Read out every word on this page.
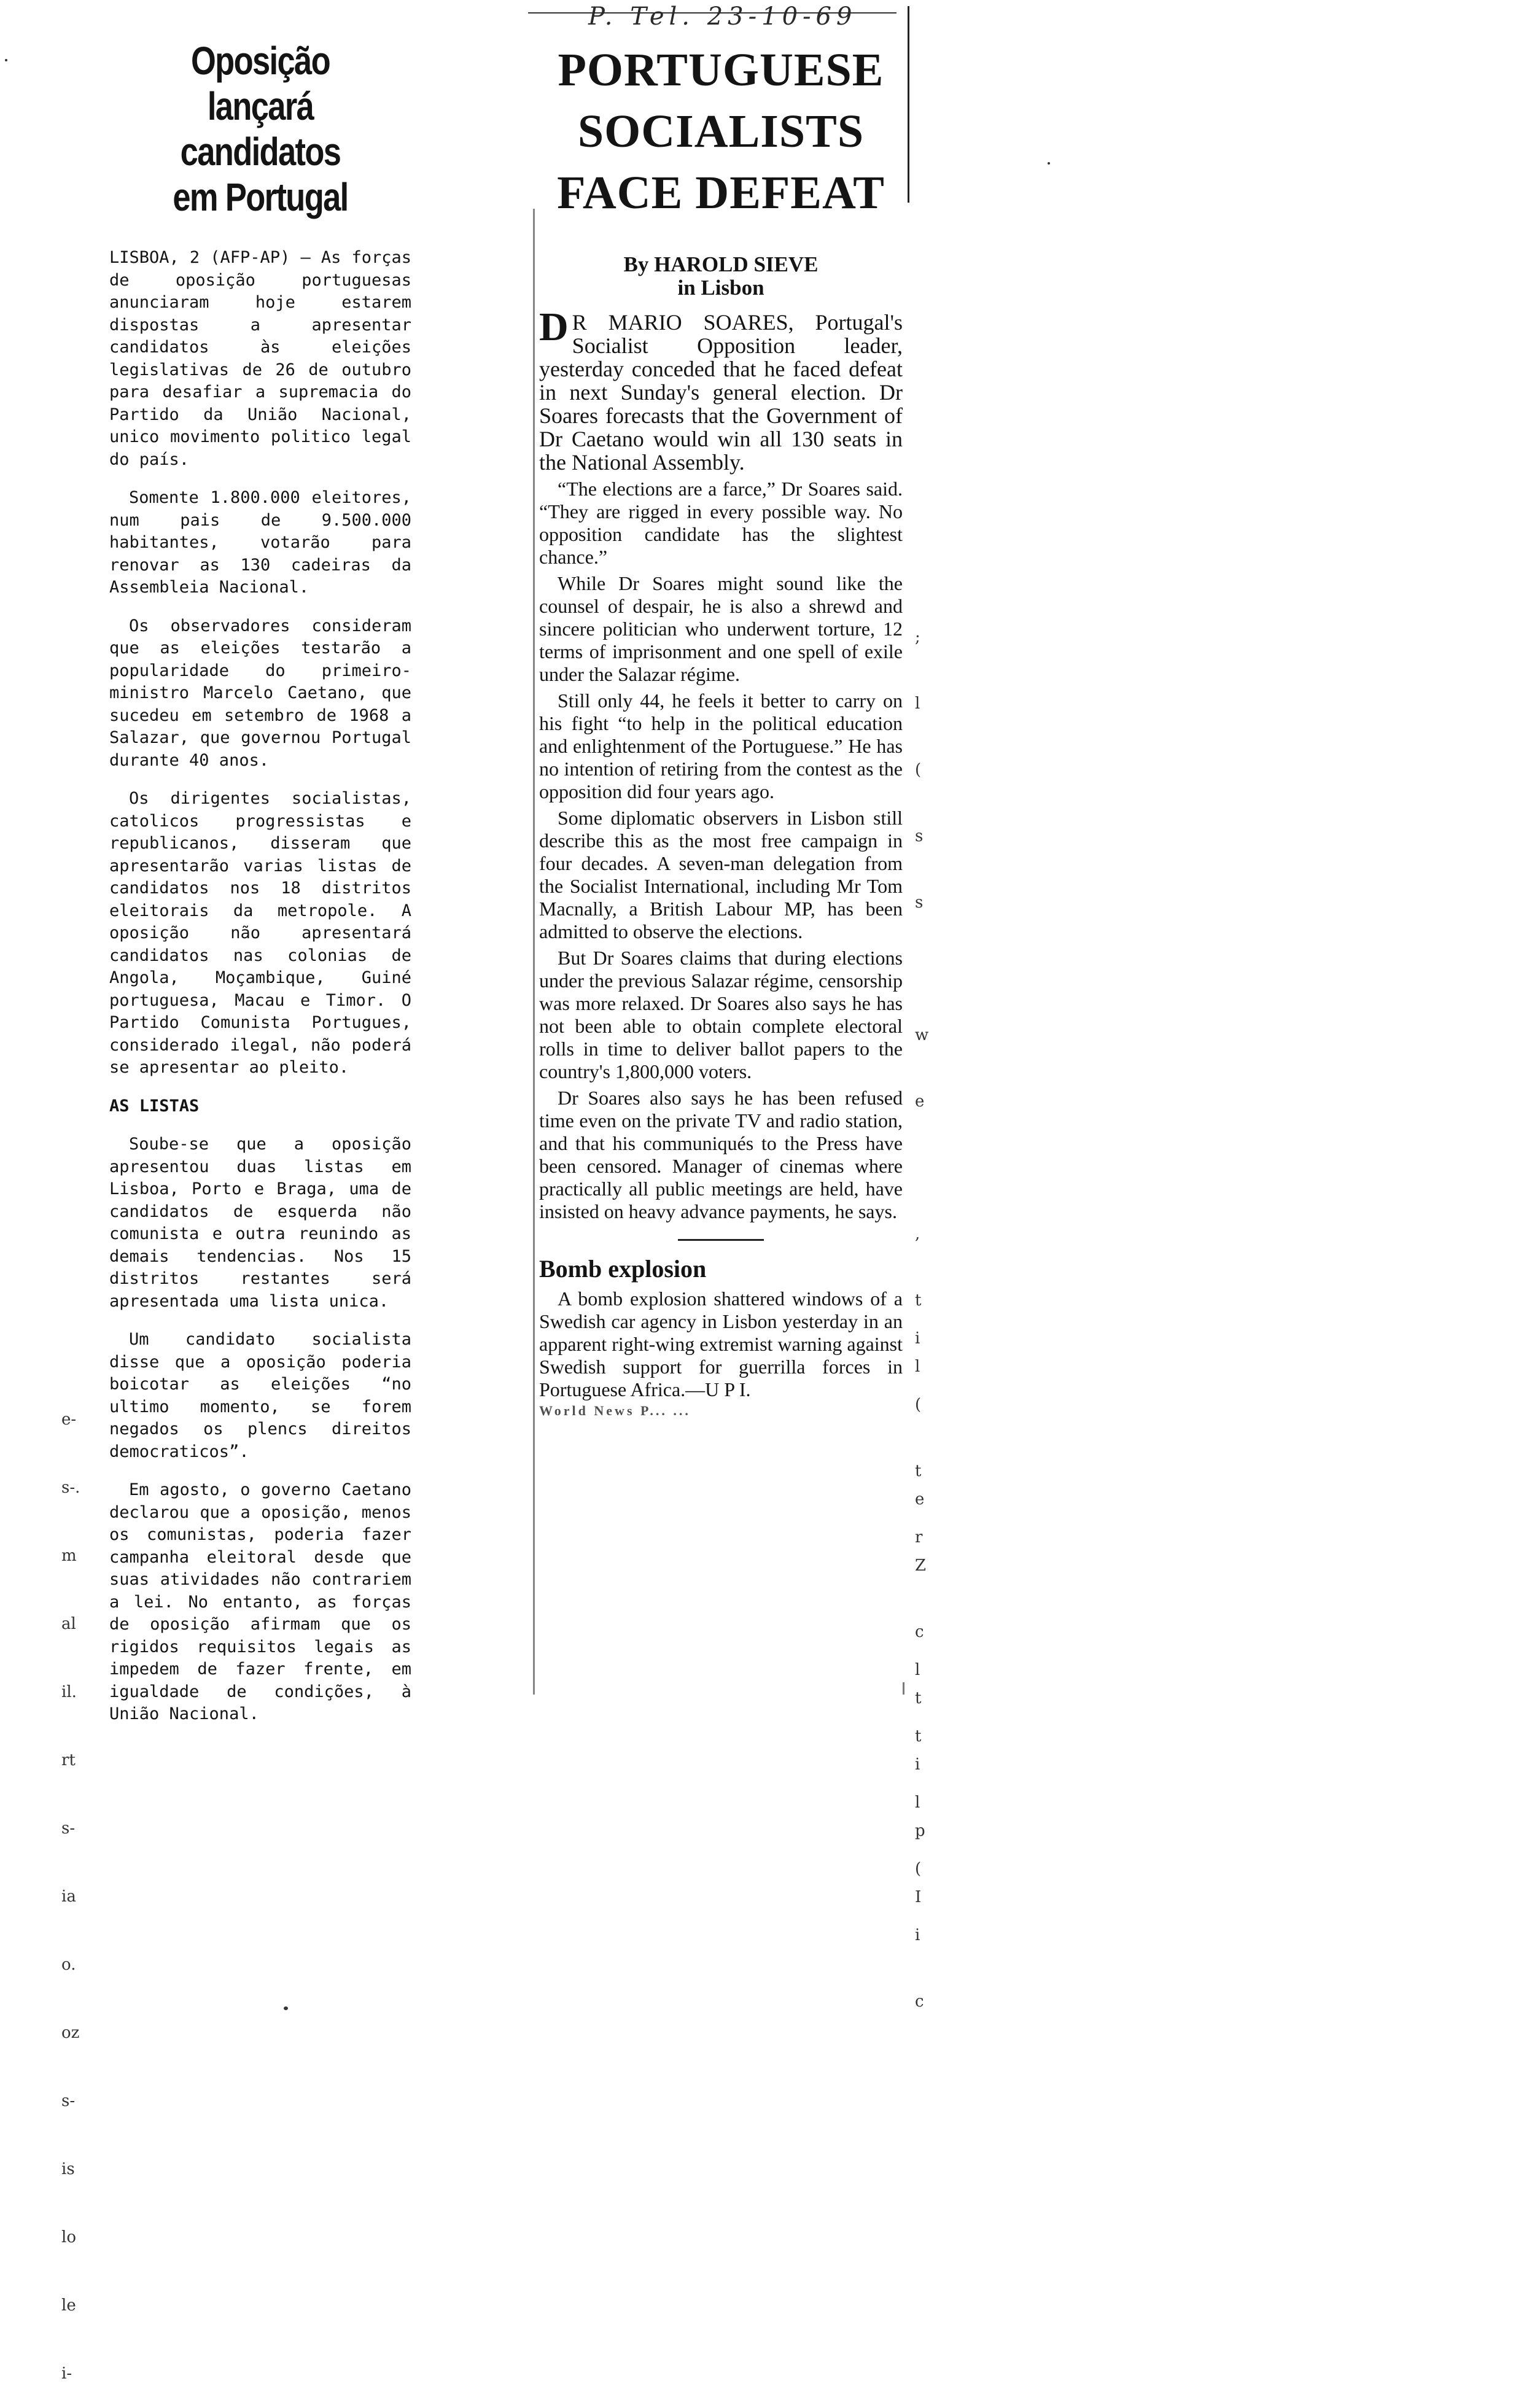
Oposição lançará
candidatos
em Portugal

LISBOA, 2 (AFP-AP) — As forças de oposição portuguesas anunciaram hoje estarem dispostas a apresentar candidatos às eleições legislativas de 26 de outubro para desafiar a supremacia do Partido da União Nacional, unico movimento politico legal do país.

Somente 1.800.000 eleitores, num pais de 9.500.000 habitantes, votarão para renovar as 130 cadeiras da Assembleia Nacional.

Os observadores consideram que as eleições testarão a popularidade do primeiro-ministro Marcelo Caetano, que sucedeu em setembro de 1968 a Salazar, que governou Portugal durante 40 anos.

Os dirigentes socialistas, catolicos progressistas e republicanos, disseram que apresentarão varias listas de candidatos nos 18 distritos eleitorais da metropole. A oposição não apresentará candidatos nas colonias de Angola, Moçambique, Guiné portuguesa, Macau e Timor. O Partido Comunista Portugues, considerado ilegal, não poderá se apresentar ao pleito.

AS LISTAS

Soube-se que a oposição apresentou duas listas em Lisboa, Porto e Braga, uma de candidatos de esquerda não comunista e outra reunindo as demais tendencias. Nos 15 distritos restantes será apresentada uma lista unica.

Um candidato socialista disse que a oposição poderia boicotar as eleições “no ultimo momento, se forem negados os plencs direitos democraticos”.

Em agosto, o governo Caetano declarou que a oposição, menos os comunistas, poderia fazer campanha eleitoral desde que suas atividades não contrariem a lei. No entanto, as forças de oposição afirmam que os rigidos requisitos legais as impedem de fazer frente, em igualdade de condições, à União Nacional.

e-

s-.

m

al

il.

rt

s-

ia

o.

oz

s-

is

lo

le

i-

P. Tel. 23-10-69
PORTUGUESE
SOCIALISTS
FACE DEFEAT
By HAROLD SIEVE
in Lisbon

D R MARIO SOARES, Portugal's Socialist Opposition leader, yesterday conceded that he faced defeat in next Sunday's general election. Dr Soares forecasts that the Government of Dr Caetano would win all 130 seats in the National Assembly.

“The elections are a farce,” Dr Soares said. “They are rigged in every possible way. No opposition candidate has the slightest chance.”

While Dr Soares might sound like the counsel of despair, he is also a shrewd and sincere politician who underwent torture, 12 terms of imprisonment and one spell of exile under the Salazar régime.

Still only 44, he feels it better to carry on his fight “to help in the political education and enlightenment of the Portuguese.” He has no intention of retiring from the contest as the opposition did four years ago.

Some diplomatic observers in Lisbon still describe this as the most free campaign in four decades. A seven-man delegation from the Socialist International, including Mr Tom Macnally, a British Labour MP, has been admitted to observe the elections.

But Dr Soares claims that during elections under the previous Salazar régime, censorship was more relaxed. Dr Soares also says he has not been able to obtain complete electoral rolls in time to deliver ballot papers to the country's 1,800,000 voters.

Dr Soares also says he has been refused time even on the private TV and radio station, and that his communiqués to the Press have been censored. Manager of cinemas where practically all public meetings are held, have insisted on heavy advance payments, he says.

Bomb explosion

A bomb explosion shattered windows of a Swedish car agency in Lisbon yesterday in an apparent right-wing extremist warning against Swedish support for guerrilla forces in Portuguese Africa.—U P I.

World News P... ...

;

l

(

s

s

w

e

,

t

l

e

Z

c

t

i

p

I

i

(

t

r

l

t

l

(

i

c
